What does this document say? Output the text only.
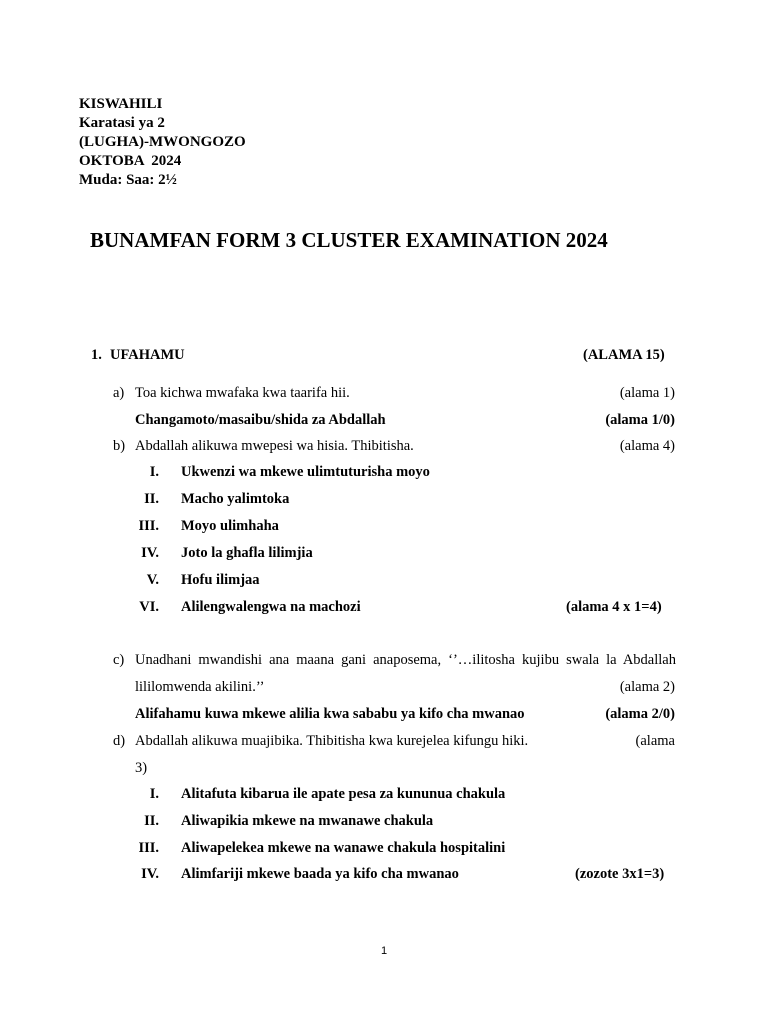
KISWAHILI
Karatasi ya 2
(LUGHA)-MWONGOZO
OKTOBA  2024
Muda: Saa: 2½
BUNAMFAN FORM 3 CLUSTER EXAMINATION 2024
1. UFAHAMU	(ALAMA 15)
a) Toa kichwa mwafaka kwa taarifa hii.	(alama 1)
Changamoto/masaibu/shida za Abdallah	(alama 1/0)
b) Abdallah alikuwa mwepesi wa hisia. Thibitisha.	(alama 4)
I. Ukwenzi wa mkewe ulimtuturisha moyo
II. Macho yalimtoka
III. Moyo ulimhaha
IV. Joto la ghafla lilimjia
V. Hofu ilimjaa
VI. Alilengwalengwa na machozi	(alama 4 x 1=4)
c) Unadhani mwandishi ana maana gani anaposema, ‘’…ilitosha kujibu swala la Abdallah
lililomwenda akilini.’’	(alama 2)
Alifahamu kuwa mkewe alilia kwa sababu ya kifo cha mwanao	(alama 2/0)
d) Abdallah alikuwa muajibika. Thibitisha kwa kurejelea kifungu hiki.	(alama
3)
I. Alitafuta kibarua ile apate pesa za kununua chakula
II. Aliwapikia mkewe na mwanawe chakula
III. Aliwapelekea mkewe na wanawe chakula hospitalini
IV. Alimfariji mkewe baada ya kifo cha mwanao	(zozote 3x1=3)
1
